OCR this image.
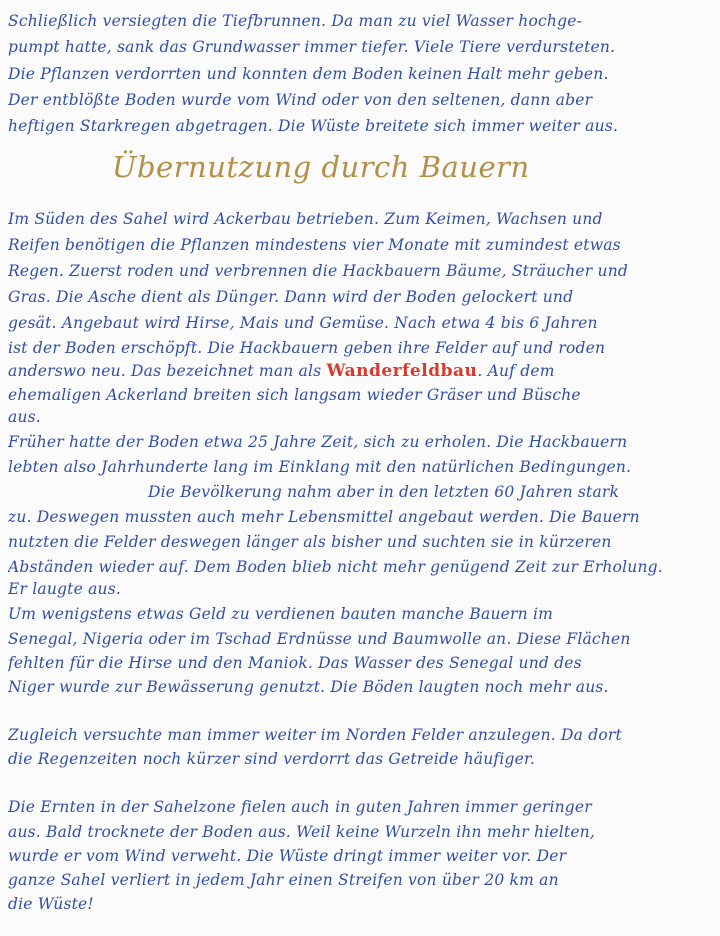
Schließlich versiegten die Tiefbrunnen. Da man zu viel Wasser hochge-
pumpt hatte, sank das Grundwasser immer tiefer. Viele Tiere verdursteten.
Die Pflanzen verdorrten und konnten dem Boden keinen Halt mehr geben.
Der entblößte Boden wurde vom Wind oder von den seltenen, dann aber
heftigen Starkregen abgetragen. Die Wüste breitete sich immer weiter aus.
Übernutzung durch Bauern
Im Süden des Sahel wird Ackerbau betrieben. Zum Keimen, Wachsen und
Reifen benötigen die Pflanzen mindestens vier Monate mit zumindest etwas
Regen. Zuerst roden und verbrennen die Hackbauern Bäume, Sträucher und
Gras. Die Asche dient als Dünger. Dann wird der Boden gelockert und
gesät. Angebaut wird Hirse, Mais und Gemüse. Nach etwa 4 bis 6 Jahren
ist der Boden erschöpft. Die Hackbauern geben ihre Felder auf und roden
anderswo neu. Das bezeichnet man als Wanderfeldbau. Auf dem
ehemaligen Ackerland breiten sich langsam wieder Gräser und Büsche
aus.
Früher hatte der Boden etwa 25 Jahre Zeit, sich zu erholen. Die Hackbauern
lebten also Jahrhunderte lang im Einklang mit den natürlichen Bedingungen.
Die Bevölkerung nahm aber in den letzten 60 Jahren stark
zu. Deswegen mussten auch mehr Lebensmittel angebaut werden. Die Bauern
nutzten die Felder deswegen länger als bisher und suchten sie in kürzeren
Abständen wieder auf. Dem Boden blieb nicht mehr genügend Zeit zur Erholung.
Er laugte aus.
Um wenigstens etwas Geld zu verdienen bauten manche Bauern im
Senegal, Nigeria oder im Tschad Erdnüsse und Baumwolle an. Diese Flächen
fehlten für die Hirse und den Maniok. Das Wasser des Senegal und des
Niger wurde zur Bewässerung genutzt. Die Böden laugten noch mehr aus.
Zugleich versuchte man immer weiter im Norden Felder anzulegen. Da dort
die Regenzeiten noch kürzer sind verdorrt das Getreide häufiger.
Die Ernten in der Sahelzone fielen auch in guten Jahren immer geringer
aus. Bald trocknete der Boden aus. Weil keine Wurzeln ihn mehr hielten,
wurde er vom Wind verweht. Die Wüste dringt immer weiter vor. Der
ganze Sahel verliert in jedem Jahr einen Streifen von über 20 km an
die Wüste!
